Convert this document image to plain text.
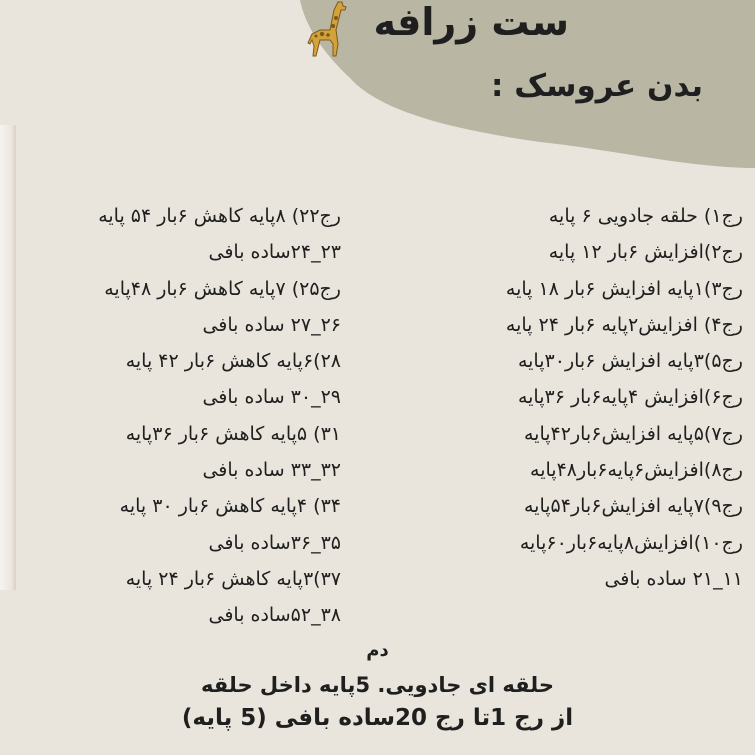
ست زرافه
بدن عروسک :
رج۱) حلقه جادویی ۶ پایه
رج۲)افزایش ۶بار ۱۲ پایه
رج۳)۱پایه افزایش ۶بار ۱۸ پایه
رج۴) افزایش۲پایه ۶بار ۲۴ پایه
رج۵)۳پایه افزایش ۶بار۳۰پایه
رج۶)افزایش ۴پایه۶بار ۳۶پایه
رج۷)۵پایه افزایش۶بار۴۲پایه
رج۸)افزایش۶پایه۶بار۴۸پایه
رج۹)۷پایه افزایش۶بار۵۴پایه
رج۱۰)افزایش۸پایه۶بار۶۰پایه
۱۱_۲۱ ساده بافی
رج۲۲) ۸پایه کاهش ۶بار ۵۴ پایه
۲۳_۲۴ساده بافی
رج۲۵) ۷پایه کاهش ۶بار ۴۸پایه
۲۶_۲۷ ساده بافی
۲۸)۶پایه کاهش ۶بار ۴۲ پایه
۲۹_۳۰ ساده بافی
۳۱) ۵پایه کاهش ۶بار ۳۶پایه
۳۲_۳۳ ساده بافی
۳۴) ۴پایه کاهش ۶بار ۳۰ پایه
۳۵_۳۶ساده بافی
۳۷)۳پایه کاهش ۶بار ۲۴ پایه
۳۸_۵۲ساده بافی
دم
حلقه ای جادویی. 5پایه داخل حلقه
از رج 1تا رج 20ساده بافی (5 پایه)
